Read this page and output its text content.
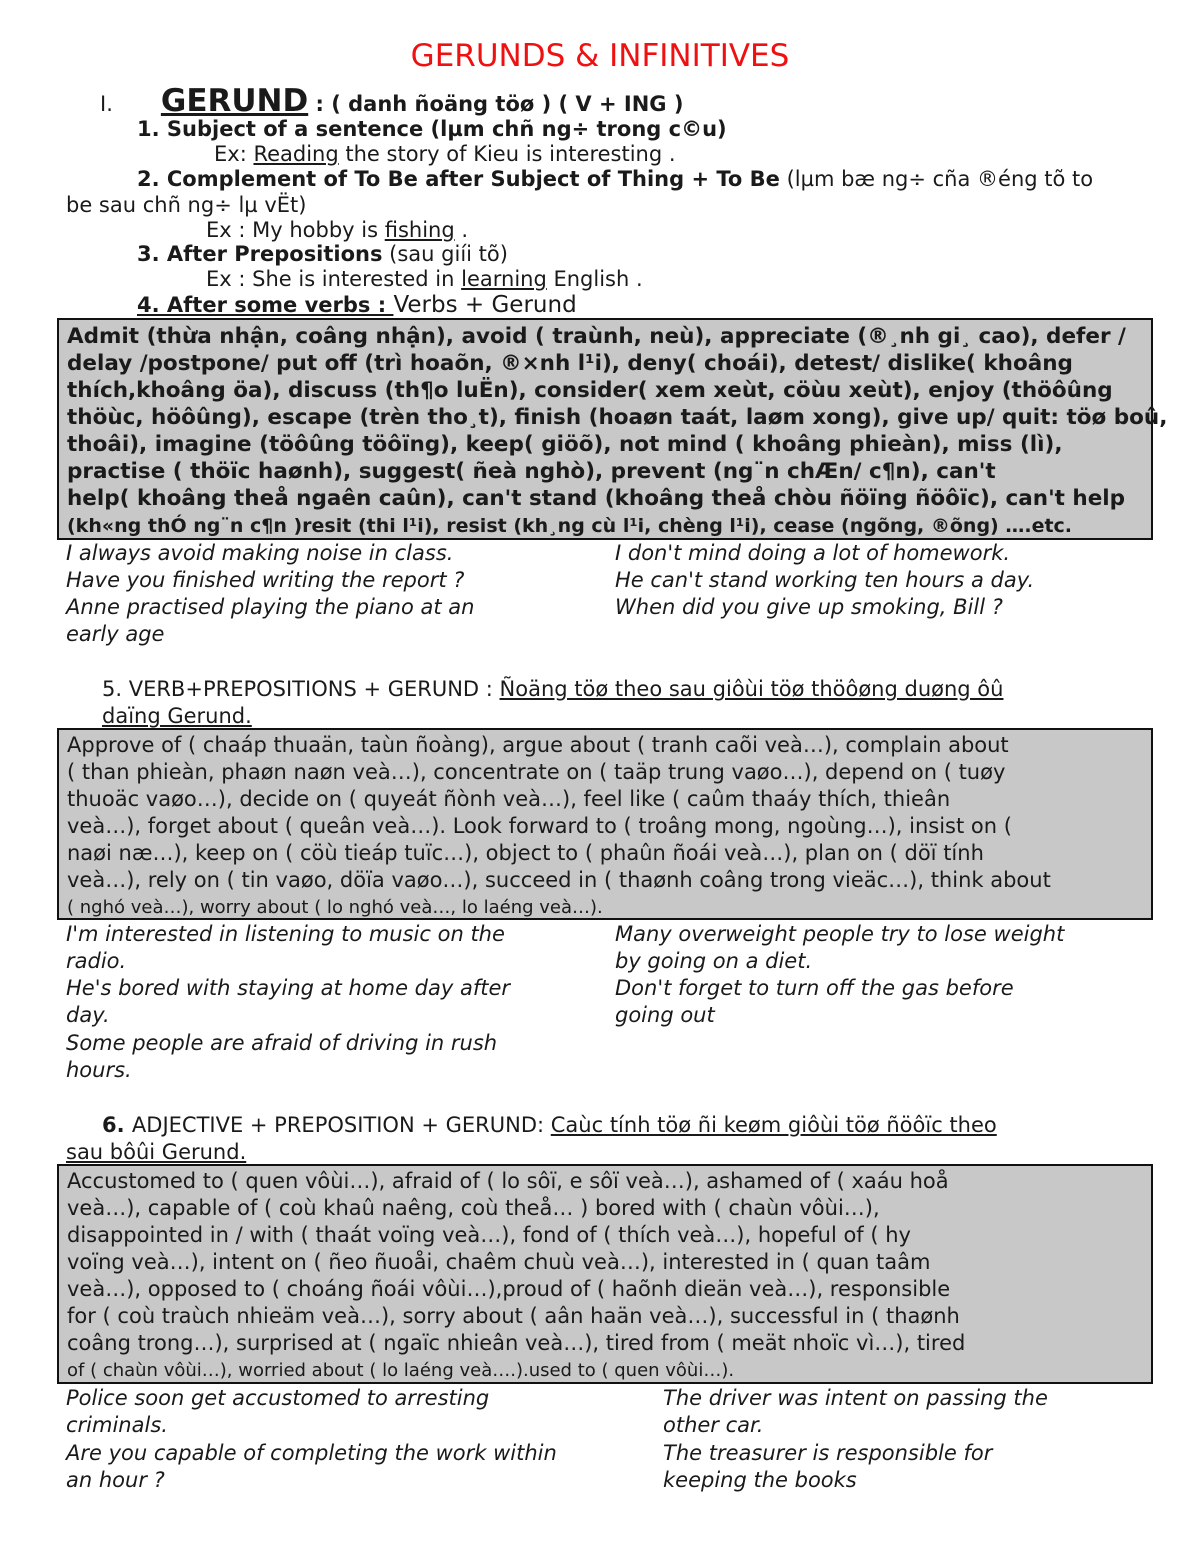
GERUNDS & INFINITIVES
I. GERUND : ( danh ñoäng töø ) ( V + ING )
1. Subject of a sentence (lµm chñ ng÷ trong c©u)
Ex: Reading the story of Kieu is interesting .
2. Complement of To Be after Subject of Thing + To Be (lµm bæ ng÷ cña ®éng tõ to
be sau chñ ng÷ lµ vËt)
Ex : My hobby is fishing .
3. After Prepositions (sau giíi tõ)
Ex : She is interested in learning English .
4. After some verbs : Verbs + Gerund
Admit (thừa nhận, coâng nhận), avoid ( traùnh, neù), appreciate (®¸nh gi¸ cao), defer /
delay /postpone/ put off (trì hoaõn, ®×nh l¹i), deny( choái), detest/ dislike( khoâng
thích,khoâng öa), discuss (th¶o luËn), consider( xem xeùt, cöùu xeùt), enjoy (thöôûng
thöùc, höôûng), escape (trèn tho¸t), finish (hoaøn taát, laøm xong), give up/ quit: töø boû,
thoâi), imagine (töôûng töôïng), keep( giöõ), not mind ( khoâng phieàn), miss (lì),
practise ( thöïc haønh), suggest( ñeà nghò), prevent (ng¨n chÆn/ c¶n), can't
help( khoâng theå ngaên caûn), can't stand (khoâng theå chòu ñöïng ñöôïc), can't help
(kh«ng thÓ ng¨n c¶n )resit (thi l¹i), resist (kh¸ng cù l¹i, chèng l¹i), cease (ngõng, ®õng) ….etc.
I always avoid making noise in class.
Have you finished writing the report ?
Anne practised playing the piano at an
early age
I don't mind doing a lot of homework.
He can't stand working ten hours a day.
When did you give up smoking, Bill ?
5. VERB+PREPOSITIONS + GERUND : Ñoäng töø theo sau giôùi töø thöôøng duøng ôû
daïng Gerund.
Approve of ( chaáp thuaän, taùn ñoàng), argue about ( tranh caõi veà…), complain about
( than phieàn, phaøn naøn veà…), concentrate on ( taäp trung vaøo…), depend on ( tuøy
thuoäc vaøo…), decide on ( quyeát ñònh veà…), feel like ( caûm thaáy thích, thieân
veà…), forget about ( queân veà…). Look forward to ( troâng mong, ngoùng…), insist on (
naøi næ…), keep on ( cöù tieáp tuïc…), object to ( phaûn ñoái veà…), plan on ( döï tính
veà…), rely on ( tin vaøo, döïa vaøo…), succeed in ( thaønh coâng trong vieäc…), think about
( nghó veà…), worry about ( lo nghó veà…, lo laéng veà…).
I'm interested in listening to music on the
radio.
He's bored with staying at home day after
day.
Some people are afraid of driving in rush
hours.
Many overweight people try to lose weight
by going on a diet.
Don't forget to turn off the gas before
going out
6. ADJECTIVE + PREPOSITION + GERUND: Caùc tính töø ñi keøm giôùi töø ñöôïc theo
sau bôûi Gerund.
Accustomed to ( quen vôùi…), afraid of ( lo sôï, e sôï veà…), ashamed of ( xaáu hoå
veà…), capable of ( coù khaû naêng, coù theå… ) bored with ( chaùn vôùi…),
disappointed in / with ( thaát voïng veà…), fond of ( thích veà…), hopeful of ( hy
voïng veà…), intent on ( ñeo ñuoåi, chaêm chuù veà…), interested in ( quan taâm
veà…), opposed to ( choáng ñoái vôùi…),proud of ( haõnh dieän veà…), responsible
for ( coù traùch nhieäm veà…), sorry about ( aân haän veà…), successful in ( thaønh
coâng trong…), surprised at ( ngaïc nhieân veà…), tired from ( meät nhoïc vì…), tired
of ( chaùn vôùi…), worried about ( lo laéng veà….).used to ( quen vôùi…).
Police soon get accustomed to arresting
criminals.
Are you capable of completing the work within
an hour ?
The driver was intent on passing the
other car.
The treasurer is responsible for
keeping the books
